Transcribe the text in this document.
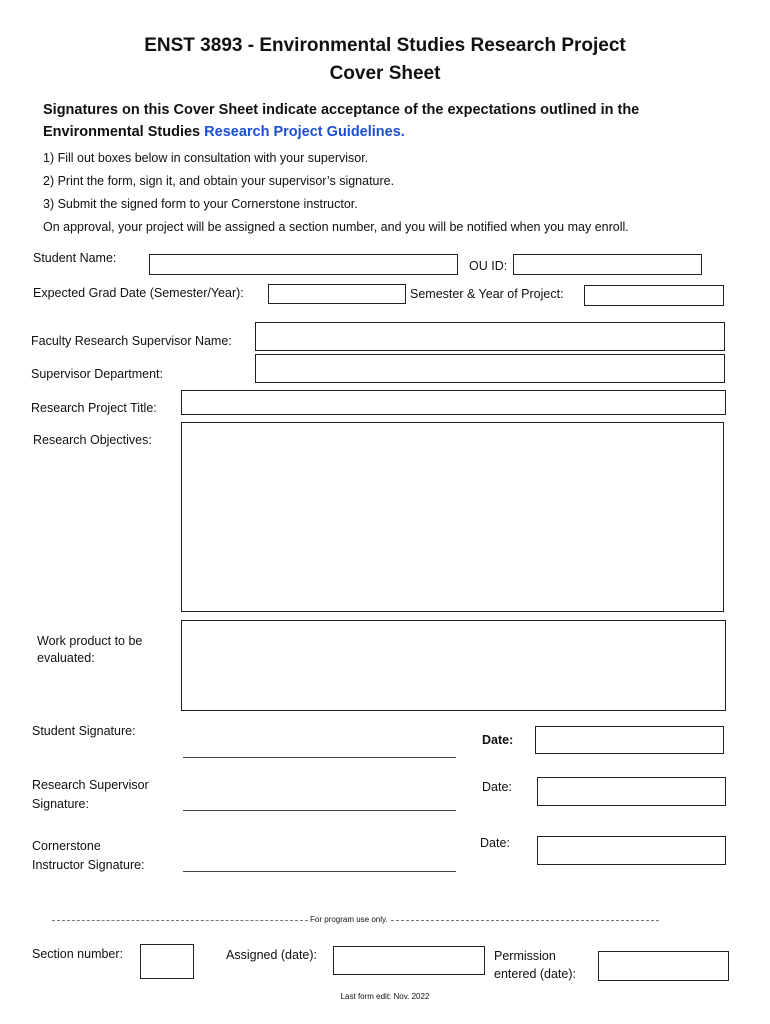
ENST 3893 - Environmental Studies Research Project
Cover Sheet
Signatures on this Cover Sheet indicate acceptance of the expectations outlined in the
Environmental Studies Research Project Guidelines.
1) Fill out boxes below in consultation with your supervisor.
2) Print the form, sign it, and obtain your supervisor’s signature.
3) Submit the signed form to your Cornerstone instructor.
On approval, your project will be assigned a section number, and you will be notified when you may enroll.
Student Name:
OU ID:
Expected Grad Date (Semester/Year):	Semester & Year of Project:
Faculty Research Supervisor Name:
Supervisor Department:
Research Project Title:
Research Objectives:
Work product to be
evaluated:
Student Signature:
Date:
Research Supervisor
Signature:
Date:
Cornerstone
Instructor Signature:
Date:
For program use only.
Section number:	Assigned (date):	Permission
entered (date):
Last form edit: Nov. 2022
